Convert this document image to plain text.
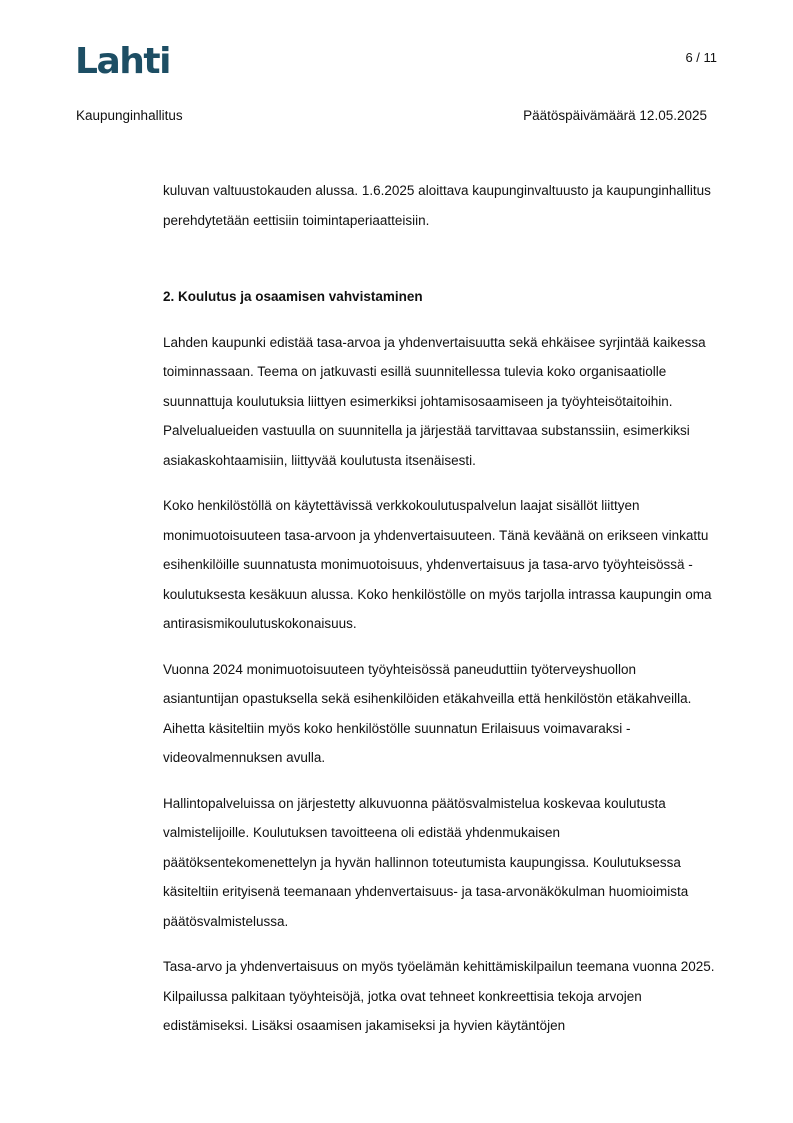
Lahti	6 / 11
Kaupunginhallitus	Päätöspäivämäärä 12.05.2025

kuluvan valtuustokauden alussa. 1.6.2025 aloittava kaupunginvaltuusto ja kaupunginhallitus perehdytetään eettisiin toimintaperiaatteisiin.

2. Koulutus ja osaamisen vahvistaminen

Lahden kaupunki edistää tasa-arvoa ja yhdenvertaisuutta sekä ehkäisee syrjintää kaikessa toiminnassaan. Teema on jatkuvasti esillä suunnitellessa tulevia koko organisaatiolle suunnattuja koulutuksia liittyen esimerkiksi johtamisosaamiseen ja työyhteisötaitoihin. Palvelualueiden vastuulla on suunnitella ja järjestää tarvittavaa substanssiin, esimerkiksi asiakaskohtaamisiin, liittyvää koulutusta itsenäisesti.

Koko henkilöstöllä on käytettävissä verkkokoulutuspalvelun laajat sisällöt liittyen monimuotoisuuteen tasa-arvoon ja yhdenvertaisuuteen. Tänä keväänä on erikseen vinkattu esihenkilöille suunnatusta monimuotoisuus, yhdenvertaisuus ja tasa-arvo työyhteisössä -koulutuksesta kesäkuun alussa. Koko henkilöstölle on myös tarjolla intrassa kaupungin oma antirasismikoulutuskokonaisuus.

Vuonna 2024 monimuotoisuuteen työyhteisössä paneuduttiin työterveyshuollon asiantuntijan opastuksella sekä esihenkilöiden etäkahveilla että henkilöstön etäkahveilla. Aihetta käsiteltiin myös koko henkilöstölle suunnatun Erilaisuus voimavaraksi -videovalmennuksen avulla.

Hallintopalveluissa on järjestetty alkuvuonna päätösvalmistelua koskevaa koulutusta valmistelijoille. Koulutuksen tavoitteena oli edistää yhdenmukaisen päätöksentekomenettelyn ja hyvän hallinnon toteutumista kaupungissa. Koulutuksessa käsiteltiin erityisenä teemanaan yhdenvertaisuus- ja tasa-arvonäkökulman huomioimista päätösvalmistelussa.

Tasa-arvo ja yhdenvertaisuus on myös työelämän kehittämiskilpailun teemana vuonna 2025. Kilpailussa palkitaan työyhteisöjä, jotka ovat tehneet konkreettisia tekoja arvojen edistämiseksi. Lisäksi osaamisen jakamiseksi ja hyvien käytäntöjen
